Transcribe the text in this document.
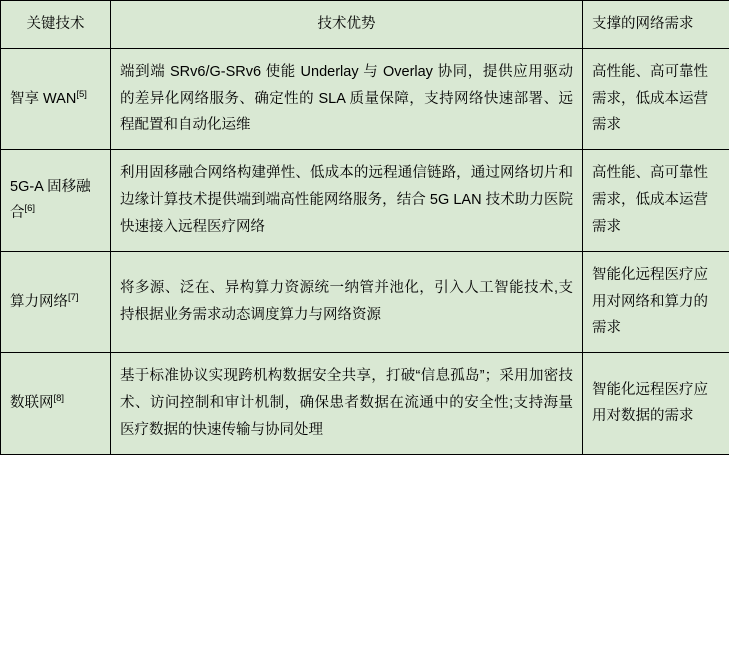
关键技术	技术优势	支撑的网络需求

智享 WAN[5]	端到端 SRv6/G-SRv6 使能 Underlay 与 Overlay 协同，提供应用驱动的差异化网络服务、确定性的 SLA 质量保障，支持网络快速部署、远程配置和自动化运维	高性能、高可靠性需求，低成本运营需求

5G-A 固移融合[6]	利用固移融合网络构建弹性、低成本的远程通信链路，通过网络切片和边缘计算技术提供端到端高性能网络服务，结合 5G LAN 技术助力医院快速接入远程医疗网络	高性能、高可靠性需求，低成本运营需求

算力网络[7]	将多源、泛在、异构算力资源统一纳管并池化，引入人工智能技术,支持根据业务需求动态调度算力与网络资源	智能化远程医疗应用对网络和算力的需求

数联网[8]	基于标准协议实现跨机构数据安全共享，打破“信息孤岛”；采用加密技术、访问控制和审计机制，确保患者数据在流通中的安全性;支持海量医疗数据的快速传输与协同处理	智能化远程医疗应用对数据的需求
